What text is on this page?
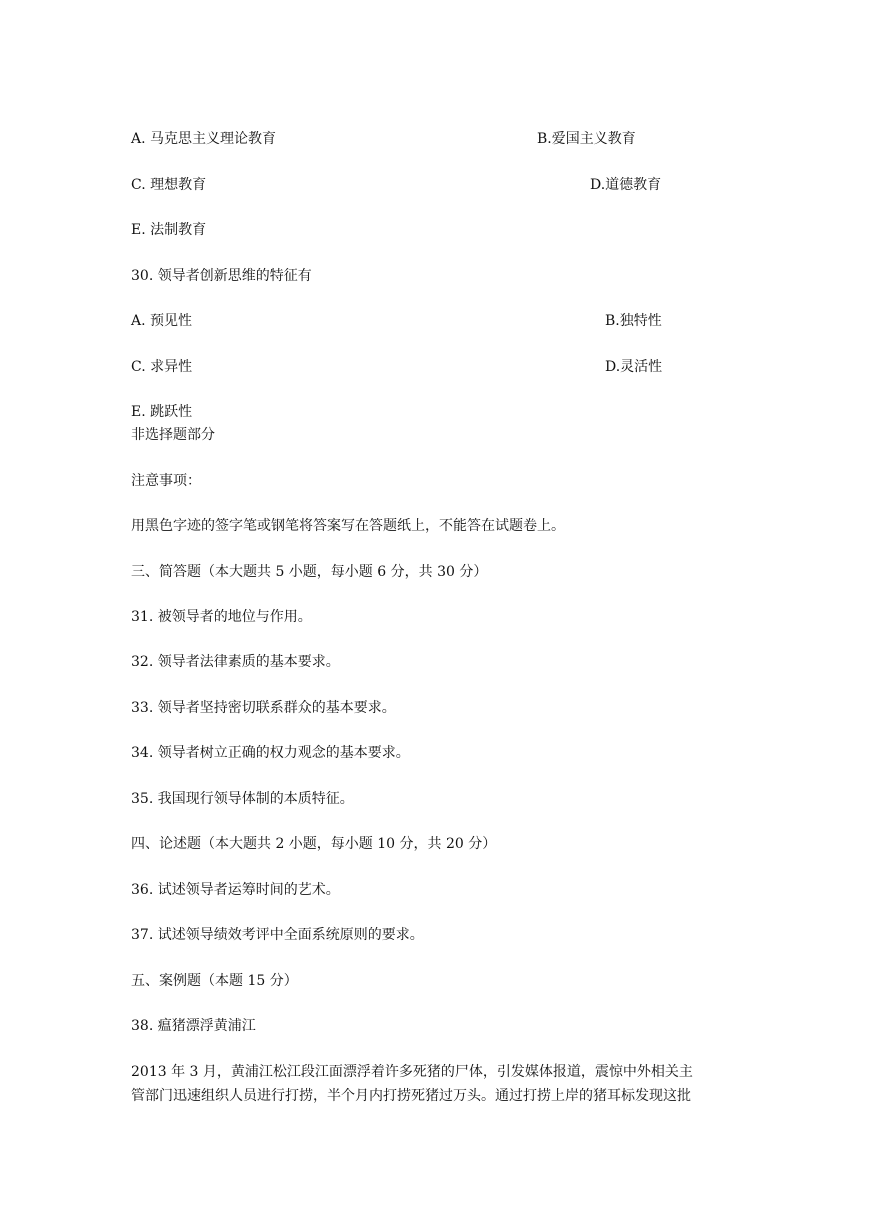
A. 马克思主义理论教育	B.爱国主义教育
C. 理想教育	D.道德教育
E. 法制教育
30. 领导者创新思维的特征有
A. 预见性	B.独特性
C. 求异性	D.灵活性
E. 跳跃性
非选择题部分
注意事项：
用黑色字迹的签字笔或钢笔将答案写在答题纸上，不能答在试题卷上。
三、简答题（本大题共 5 小题，每小题 6 分，共 30 分）
31. 被领导者的地位与作用。
32. 领导者法律素质的基本要求。
33. 领导者坚持密切联系群众的基本要求。
34. 领导者树立正确的权力观念的基本要求。
35. 我国现行领导体制的本质特征。
四、论述题（本大题共 2 小题，每小题 10 分，共 20 分）
36. 试述领导者运筹时间的艺术。
37. 试述领导绩效考评中全面系统原则的要求。
五、案例题（本题 15 分）
38. 瘟猪漂浮黄浦江
2013 年 3 月，黄浦江松江段江面漂浮着许多死猪的尸体，引发媒体报道，震惊中外相关主
管部门迅速组织人员进行打捞，半个月内打捞死猪过万头。通过打捞上岸的猪耳标发现这批
